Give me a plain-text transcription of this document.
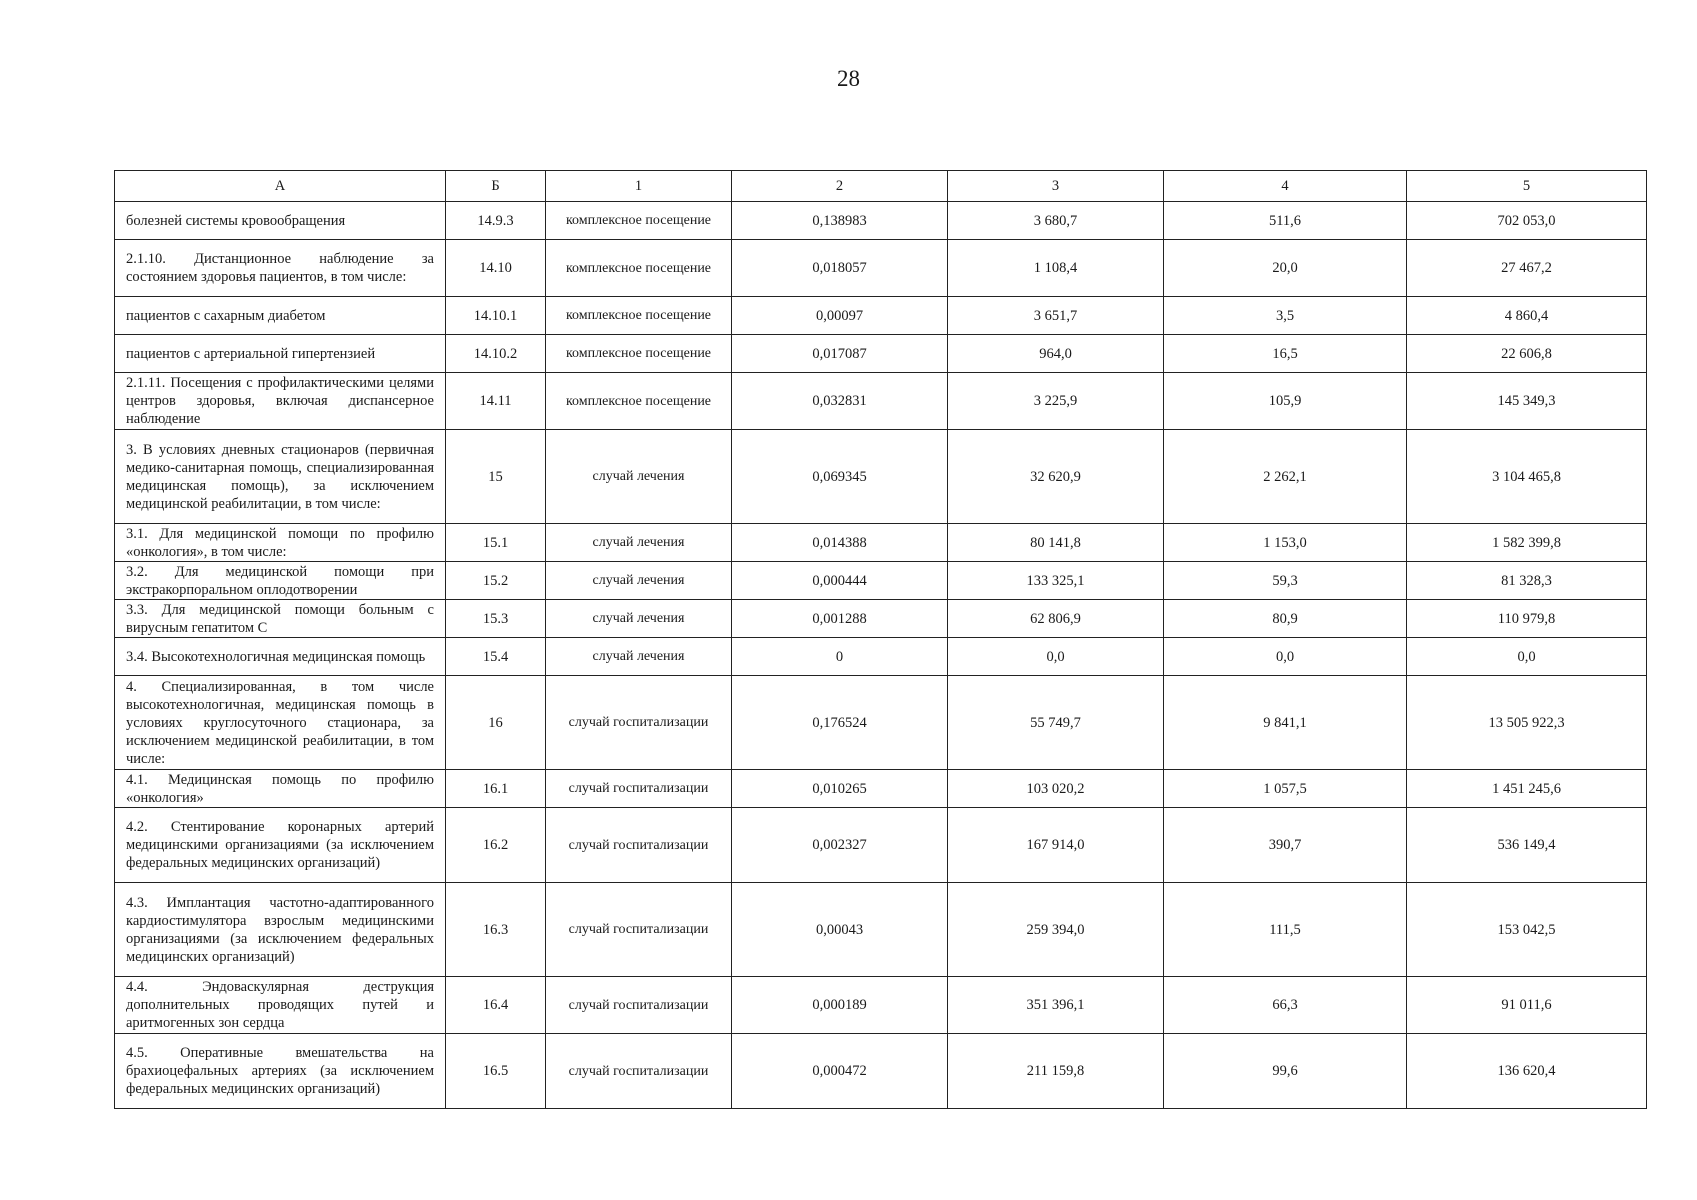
28
А	Б	1	2	3	4	5
болезней системы кровообращения	14.9.3	комплексное посещение	0,138983	3 680,7	511,6	702 053,0
2.1.10. Дистанционное наблюдение за состоянием здоровья пациентов, в том числе:	14.10	комплексное посещение	0,018057	1 108,4	20,0	27 467,2
пациентов с сахарным диабетом	14.10.1	комплексное посещение	0,00097	3 651,7	3,5	4 860,4
пациентов с артериальной гипертензией	14.10.2	комплексное посещение	0,017087	964,0	16,5	22 606,8
2.1.11. Посещения с профилактическими целями центров здоровья, включая диспансерное наблюдение	14.11	комплексное посещение	0,032831	3 225,9	105,9	145 349,3
3. В условиях дневных стационаров (первичная медико-санитарная помощь, специализированная медицинская помощь), за исключением медицинской реабилитации, в том числе:	15	случай лечения	0,069345	32 620,9	2 262,1	3 104 465,8
3.1. Для медицинской помощи по профилю «онкология», в том числе:	15.1	случай лечения	0,014388	80 141,8	1 153,0	1 582 399,8
3.2. Для медицинской помощи при экстракорпоральном оплодотворении	15.2	случай лечения	0,000444	133 325,1	59,3	81 328,3
3.3. Для медицинской помощи больным с вирусным гепатитом С	15.3	случай лечения	0,001288	62 806,9	80,9	110 979,8
3.4. Высокотехнологичная медицинская помощь	15.4	случай лечения	0	0,0	0,0	0,0
4. Специализированная, в том числе высокотехнологичная, медицинская помощь в условиях круглосуточного стационара, за исключением медицинской реабилитации, в том числе:	16	случай госпитализации	0,176524	55 749,7	9 841,1	13 505 922,3
4.1. Медицинская помощь по профилю «онкология»	16.1	случай госпитализации	0,010265	103 020,2	1 057,5	1 451 245,6
4.2. Стентирование коронарных артерий медицинскими организациями (за исключением федеральных медицинских организаций)	16.2	случай госпитализации	0,002327	167 914,0	390,7	536 149,4
4.3. Имплантация частотно-адаптированного кардиостимулятора взрослым медицинскими организациями (за исключением федеральных медицинских организаций)	16.3	случай госпитализации	0,00043	259 394,0	111,5	153 042,5
4.4. Эндоваскулярная деструкция дополнительных проводящих путей и аритмогенных зон сердца	16.4	случай госпитализации	0,000189	351 396,1	66,3	91 011,6
4.5. Оперативные вмешательства на брахиоцефальных артериях (за исключением федеральных медицинских организаций)	16.5	случай госпитализации	0,000472	211 159,8	99,6	136 620,4
